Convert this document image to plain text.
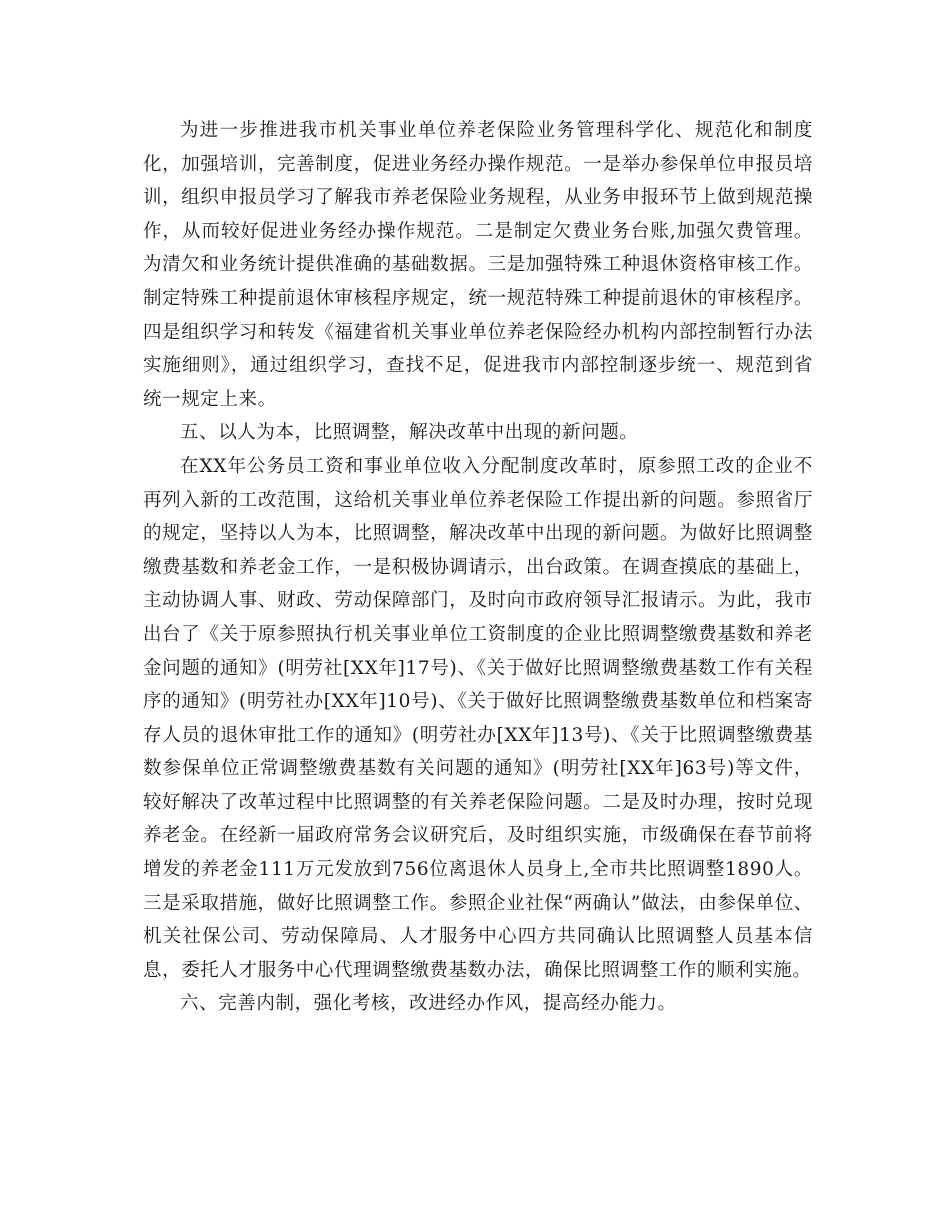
为进一步推进我市机关事业单位养老保险业务管理科学化、规范化和制度化，加强培训，完善制度，促进业务经办操作规范。一是举办参保单位申报员培训，组织申报员学习了解我市养老保险业务规程，从业务申报环节上做到规范操作，从而较好促进业务经办操作规范。二是制定欠费业务台账,加强欠费管理。为清欠和业务统计提供准确的基础数据。三是加强特殊工种退休资格审核工作。制定特殊工种提前退休审核程序规定，统一规范特殊工种提前退休的审核程序。四是组织学习和转发《福建省机关事业单位养老保险经办机构内部控制暂行办法实施细则》，通过组织学习，查找不足，促进我市内部控制逐步统一、规范到省统一规定上来。

五、以人为本，比照调整，解决改革中出现的新问题。

在XX年公务员工资和事业单位收入分配制度改革时，原参照工改的企业不再列入新的工改范围，这给机关事业单位养老保险工作提出新的问题。参照省厅的规定，坚持以人为本，比照调整，解决改革中出现的新问题。为做好比照调整缴费基数和养老金工作，一是积极协调请示，出台政策。在调查摸底的基础上，主动协调人事、财政、劳动保障部门，及时向市政府领导汇报请示。为此，我市出台了《关于原参照执行机关事业单位工资制度的企业比照调整缴费基数和养老金问题的通知》(明劳社[XX年]17号)、《关于做好比照调整缴费基数工作有关程序的通知》(明劳社办[XX年]10号)、《关于做好比照调整缴费基数单位和档案寄存人员的退休审批工作的通知》(明劳社办[XX年]13号)、《关于比照调整缴费基数参保单位正常调整缴费基数有关问题的通知》(明劳社[XX年]63号)等文件，较好解决了改革过程中比照调整的有关养老保险问题。二是及时办理，按时兑现养老金。在经新一届政府常务会议研究后，及时组织实施，市级确保在春节前将增发的养老金111万元发放到756位离退休人员身上,全市共比照调整1890人。三是采取措施，做好比照调整工作。参照企业社保“两确认”做法，由参保单位、机关社保公司、劳动保障局、人才服务中心四方共同确认比照调整人员基本信息，委托人才服务中心代理调整缴费基数办法，确保比照调整工作的顺利实施。

六、完善内制，强化考核，改进经办作风，提高经办能力。
